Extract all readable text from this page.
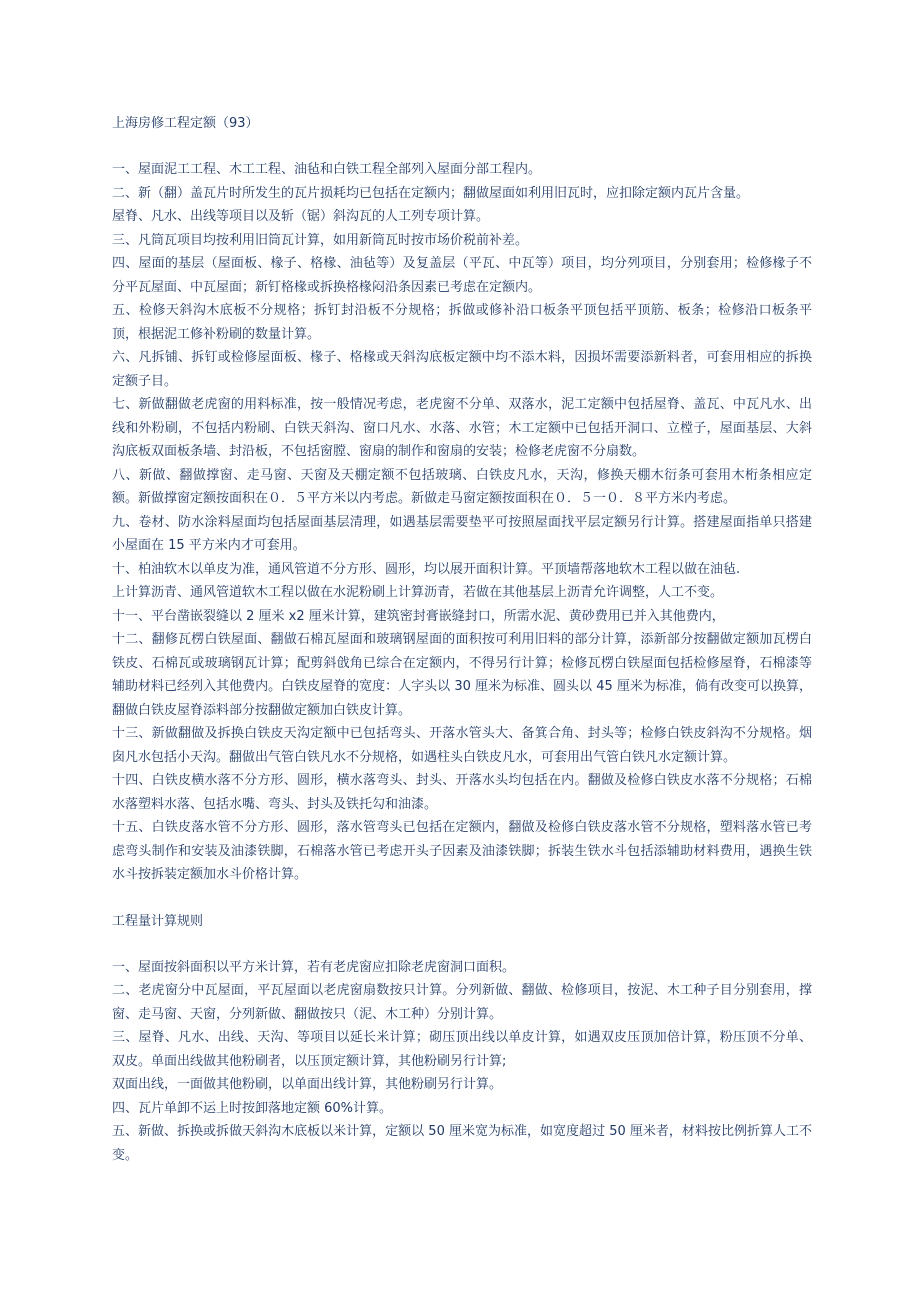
上海房修工程定额（93）

一、屋面泥工工程、木工工程、油毡和白铁工程全部列入屋面分部工程内。

二、新（翻）盖瓦片时所发生的瓦片损耗均已包括在定额内；翻做屋面如利用旧瓦时，应扣除定额内瓦片含量。

屋脊、凡水、出线等项目以及斩（锯）斜沟瓦的人工列专项计算。

三、凡筒瓦项目均按利用旧筒瓦计算，如用新筒瓦时按市场价税前补差。

四、屋面的基层（屋面板、椽子、格椽、油毡等）及复盖层（平瓦、中瓦等）项目，均分列项目，分别套用；检修椽子不分平瓦屋面、中瓦屋面；新钉格椽或拆换格椽闷沿条因素已考虑在定额内。

五、检修天斜沟木底板不分规格；拆钉封沿板不分规格；拆做或修补沿口板条平顶包括平顶筋、板条；检修沿口板条平顶，根据泥工修补粉刷的数量计算。

六、凡拆铺、拆钉或检修屋面板、椽子、格椽或天斜沟底板定额中均不添木料，因损坏需要添新料者，可套用相应的拆换定额子目。

七、新做翻做老虎窗的用料标准，按一般情况考虑，老虎窗不分单、双落水，泥工定额中包括屋脊、盖瓦、中瓦凡水、出线和外粉刷，不包括内粉刷、白铁天斜沟、窗口凡水、水落、水管；木工定额中已包括开洞口、立樘子，屋面基层、大斜沟底板双面板条墙、封沿板，不包括窗膛、窗扇的制作和窗扇的安装；检修老虎窗不分扇数。

八、新做、翻做撑窗、走马窗、天窗及天棚定额不包括玻璃、白铁皮凡水，天沟，修换天棚木衍条可套用木桁条相应定额。新做撑窗定额按面积在０．５平方米以内考虑。新做走马窗定额按面积在０．５一０．８平方米内考虑。

九、卷材、防水涂料屋面均包括屋面基层清理，如遇基层需要垫平可按照屋面找平层定额另行计算。搭建屋面指单只搭建小屋面在 15 平方米内才可套用。

十、柏油软木以单皮为准，通风管道不分方形、圆形，均以展开面积计算。平顶墙帮落地软木工程以做在油毡.

上计算沥青、通风管道软木工程以做在水泥粉刷上计算沥青，若做在其他基层上沥青允许调整，人工不变。

十一、平台凿嵌裂缝以 2 厘米 x2 厘米计算，建筑密封膏嵌缝封口，所需水泥、黄砂费用已并入其他费内，

十二、翻修瓦楞白铁屋面、翻做石棉瓦屋面和玻璃钢屋面的面积按可利用旧料的部分计算，添新部分按翻做定额加瓦楞白铁皮、石棉瓦或玻璃钢瓦计算；配剪斜戗角已综合在定额内，不得另行计算；检修瓦楞白铁屋面包括检修屋脊，石棉漆等辅助材料已经列入其他费内。白铁皮屋脊的宽度：人字头以 30 厘米为标准、圆头以 45 厘米为标准，倘有改变可以换算，翻做白铁皮屋脊添料部分按翻做定额加白铁皮计算。

十三、新做翻做及拆换白铁皮天沟定额中已包括弯头、开落水管头大、备箕合角、封头等；检修白铁皮斜沟不分规格。烟囱凡水包括小天沟。翻做出气管白铁凡水不分规格，如遇柱头白铁皮凡水，可套用出气管白铁凡水定额计算。

十四、白铁皮横水落不分方形、圆形，横水落弯头、封头、开落水头均包括在内。翻做及检修白铁皮水落不分规格；石棉水落塑料水落、包括水嘴、弯头、封头及铁托勾和油漆。

十五、白铁皮落水管不分方形、圆形，落水管弯头已包括在定额内，翻做及检修白铁皮落水管不分规格，塑料落水管已考虑弯头制作和安装及油漆铁脚，石棉落水管已考虑开头子因素及油漆铁脚；拆装生铁水斗包括添辅助材料费用，遇换生铁水斗按拆装定额加水斗价格计算。

工程量计算规则

一、屋面按斜面积以平方米计算，若有老虎窗应扣除老虎窗洞口面积。

二、老虎窗分中瓦屋面，平瓦屋面以老虎窗扇数按只计算。分列新做、翻做、检修项目，按泥、木工种子目分别套用，撑窗、走马窗、天窗，分列新做、翻做按只（泥、木工种）分别计算。

三、屋脊、凡水、出线、天沟、等项目以延长米计算；砌压顶出线以单皮计算，如遇双皮压顶加倍计算，粉压顶不分单、双皮。单面出线做其他粉刷者，以压顶定额计算，其他粉刷另行计算;

双面出线，一面做其他粉刷，以单面出线计算，其他粉刷另行计算。

四、瓦片单卸不运上时按卸落地定额 60%计算。

五、新做、拆换或拆做天斜沟木底板以米计算，定额以 50 厘米宽为标准，如宽度超过 50 厘米者，材料按比例折算人工不变。
